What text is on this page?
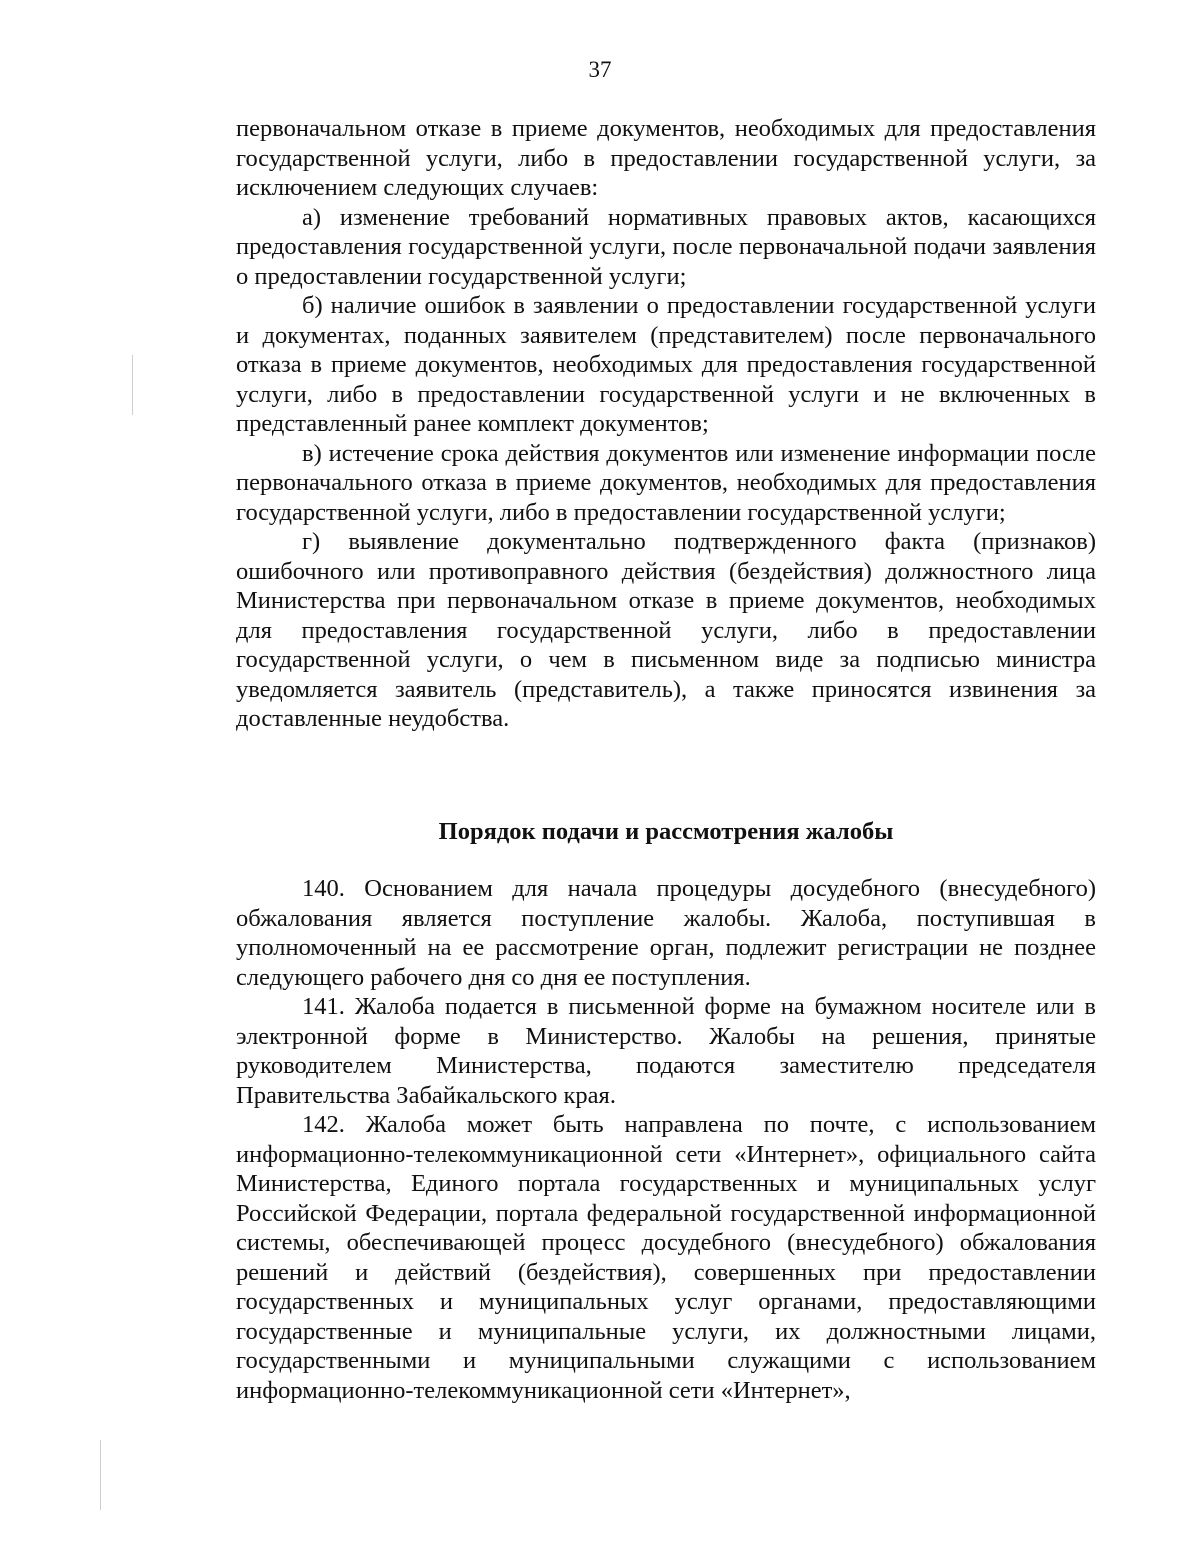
37

первоначальном отказе в приеме документов, необходимых для предоставления государственной услуги, либо в предоставлении государственной услуги, за исключением следующих случаев:

а) изменение требований нормативных правовых актов, касающихся предоставления государственной услуги, после первоначальной подачи заявления о предоставлении государственной услуги;

б) наличие ошибок в заявлении о предоставлении государственной услуги и документах, поданных заявителем (представителем) после первоначального отказа в приеме документов, необходимых для предоставления государственной услуги, либо в предоставлении государственной услуги и не включенных в представленный ранее комплект документов;

в) истечение срока действия документов или изменение информации после первоначального отказа в приеме документов, необходимых для предоставления государственной услуги, либо в предоставлении государственной услуги;

г) выявление документально подтвержденного факта (признаков) ошибочного или противоправного действия (бездействия) должностного лица Министерства при первоначальном отказе в приеме документов, необходимых для предоставления государственной услуги, либо в предоставлении государственной услуги, о чем в письменном виде за подписью министра уведомляется заявитель (представитель), а также приносятся извинения за доставленные неудобства.

Порядок подачи и рассмотрения жалобы

140. Основанием для начала процедуры досудебного (внесудебного) обжалования является поступление жалобы. Жалоба, поступившая в уполномоченный на ее рассмотрение орган, подлежит регистрации не позднее следующего рабочего дня со дня ее поступления.

141. Жалоба подается в письменной форме на бумажном носителе или в электронной форме в Министерство. Жалобы на решения, принятые руководителем Министерства, подаются заместителю председателя Правительства Забайкальского края.

142. Жалоба может быть направлена по почте, с использованием информационно-телекоммуникационной сети «Интернет», официального сайта Министерства, Единого портала государственных и муниципальных услуг Российской Федерации, портала федеральной государственной информационной системы, обеспечивающей процесс досудебного (внесудебного) обжалования решений и действий (бездействия), совершенных при предоставлении государственных и муниципальных услуг органами, предоставляющими государственные и муниципальные услуги, их должностными лицами, государственными и муниципальными служащими с использованием информационно-телекоммуникационной сети «Интернет»,
